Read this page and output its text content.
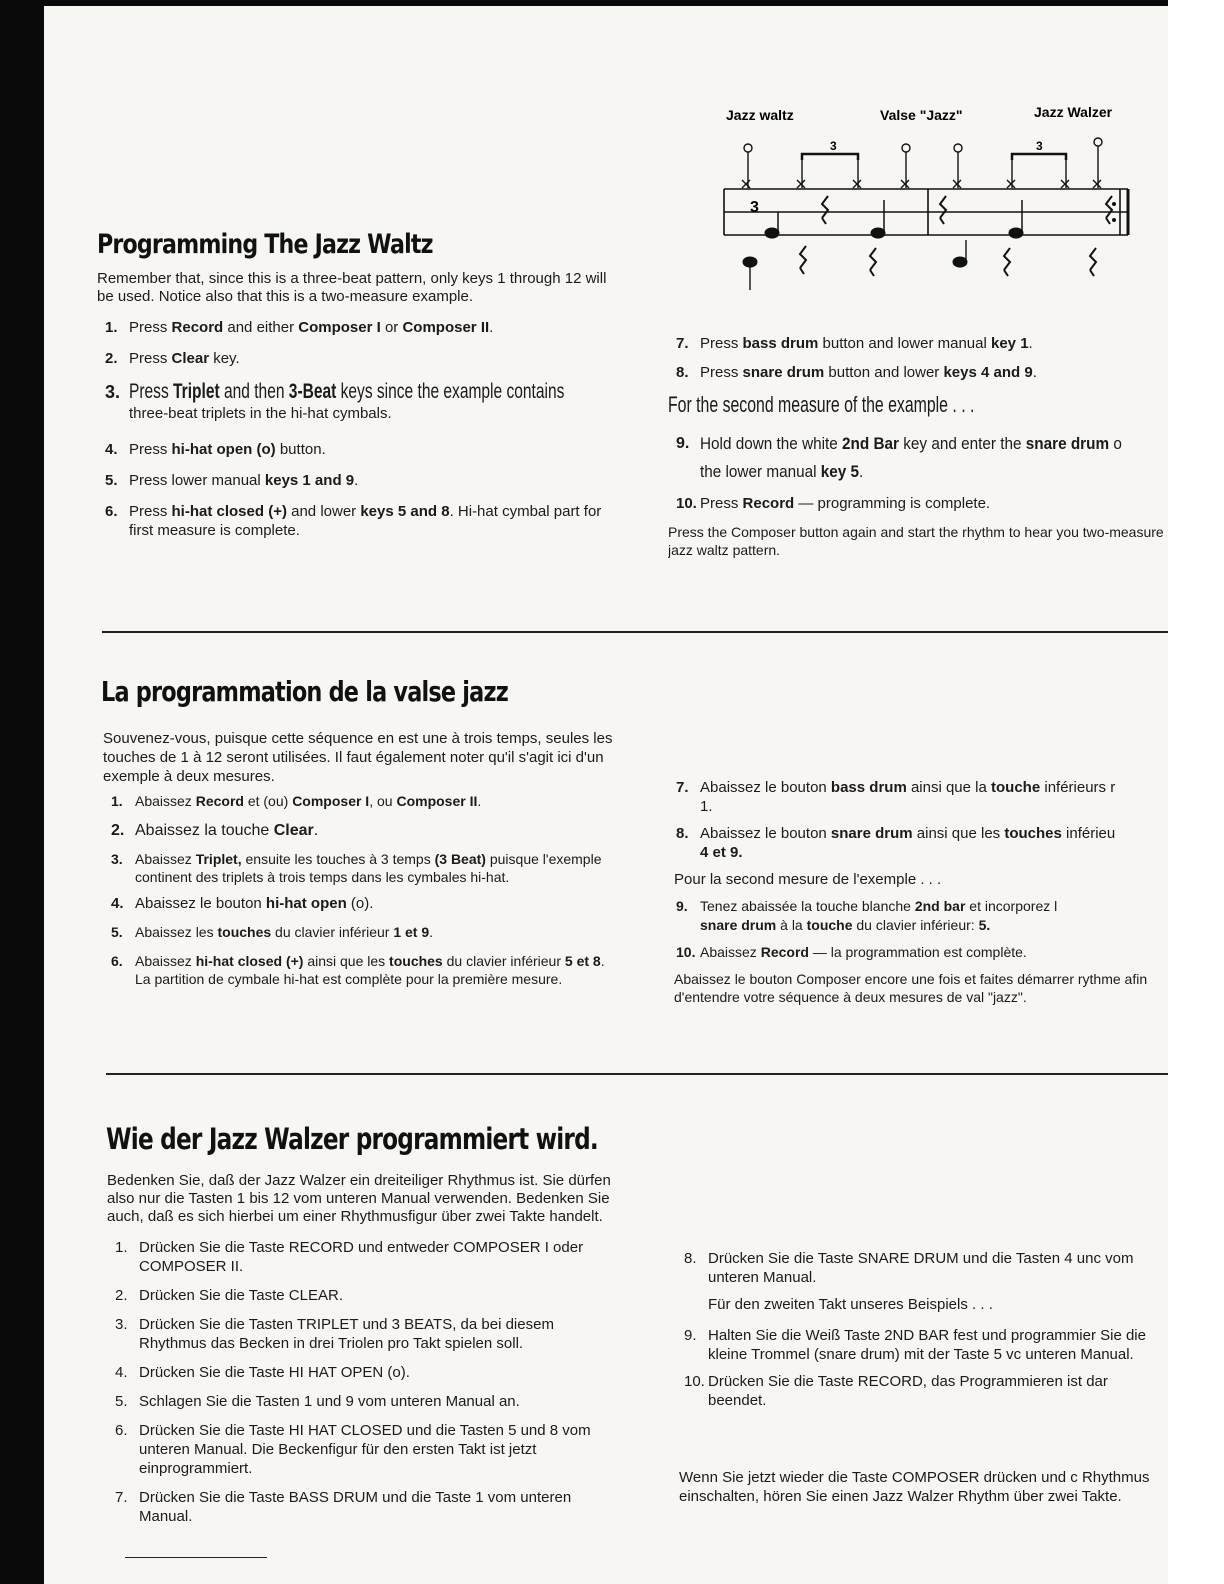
Programming The Jazz Waltz

Remember that, since this is a three-beat pattern, only keys 1 through 12 will be used. Notice also that this is a two-measure example.

1. Press Record and either Composer I or Composer II.
2. Press Clear key.
3. Press Triplet and then 3-Beat keys since the example contains
three-beat triplets in the hi-hat cymbals.
4. Press hi-hat open (o) button.
5. Press lower manual keys 1 and 9.
6. Press hi-hat closed (+) and lower keys 5 and 8. Hi-hat cymbal part for first measure is complete.
Jazz waltz	Valse "Jazz"	Jazz Walzer
3
3	3
7. Press bass drum button and lower manual key 1.
8. Press snare drum button and lower keys 4 and 9.
For the second measure of the example . . .
9. Hold down the white 2nd Bar key and enter the snare drum o
the lower manual key 5.
10. Press Record — programming is complete.

Press the Composer button again and start the rhythm to hear you two-measure jazz waltz pattern.

La programmation de la valse jazz

Souvenez-vous, puisque cette séquence en est une à trois temps, seules les touches de 1 à 12 seront utilisées. Il faut également noter qu'il s'agit ici d'un exemple à deux mesures.

1. Abaissez Record et (ou) Composer I, ou Composer II.
2. Abaissez la touche Clear.
3. Abaissez Triplet, ensuite les touches à 3 temps (3 Beat) puisque l'exemple continent des triplets à trois temps dans les cymbales hi-hat.
4. Abaissez le bouton hi-hat open (o).
5. Abaissez les touches du clavier inférieur 1 et 9.
6. Abaissez hi-hat closed (+) ainsi que les touches du clavier inférieur 5 et 8. La partition de cymbale hi-hat est complète pour la première mesure.
7. Abaissez le bouton bass drum ainsi que la touche inférieurs r
1.
8. Abaissez le bouton snare drum ainsi que les touches inférieu
4 et 9.
Pour la second mesure de l'exemple . . .
9. Tenez abaissée la touche blanche 2nd bar et incorporez l
snare drum à la touche du clavier inférieur: 5.
10. Abaissez Record — la programmation est complète.

Abaissez le bouton Composer encore une fois et faites démarrer rythme afin d'entendre votre séquence à deux mesures de val "jazz".

Wie der Jazz Walzer programmiert wird.

Bedenken Sie, daß der Jazz Walzer ein dreiteiliger Rhythmus ist. Sie dürfen also nur die Tasten 1 bis 12 vom unteren Manual verwenden. Bedenken Sie auch, daß es sich hierbei um einer Rhythmusfigur über zwei Takte handelt.

1. Drücken Sie die Taste RECORD und entweder COMPOSER I oder COMPOSER II.
2. Drücken Sie die Taste CLEAR.
3. Drücken Sie die Tasten TRIPLET und 3 BEATS, da bei diesem Rhythmus das Becken in drei Triolen pro Takt spielen soll.
4. Drücken Sie die Taste HI HAT OPEN (o).
5. Schlagen Sie die Tasten 1 und 9 vom unteren Manual an.
6. Drücken Sie die Taste HI HAT CLOSED und die Tasten 5 und 8 vom unteren Manual. Die Beckenfigur für den ersten Takt ist jetzt einprogrammiert.
7. Drücken Sie die Taste BASS DRUM und die Taste 1 vom unteren Manual.
8. Drücken Sie die Taste SNARE DRUM und die Tasten 4 unc vom unteren Manual.
Für den zweiten Takt unseres Beispiels . . .
9. Halten Sie die Weiß Taste 2ND BAR fest und programmier Sie die kleine Trommel (snare drum) mit der Taste 5 vc unteren Manual.
10. Drücken Sie die Taste RECORD, das Programmieren ist dar beendet.

Wenn Sie jetzt wieder die Taste COMPOSER drücken und c Rhythmus einschalten, hören Sie einen Jazz Walzer Rhythm über zwei Takte.
